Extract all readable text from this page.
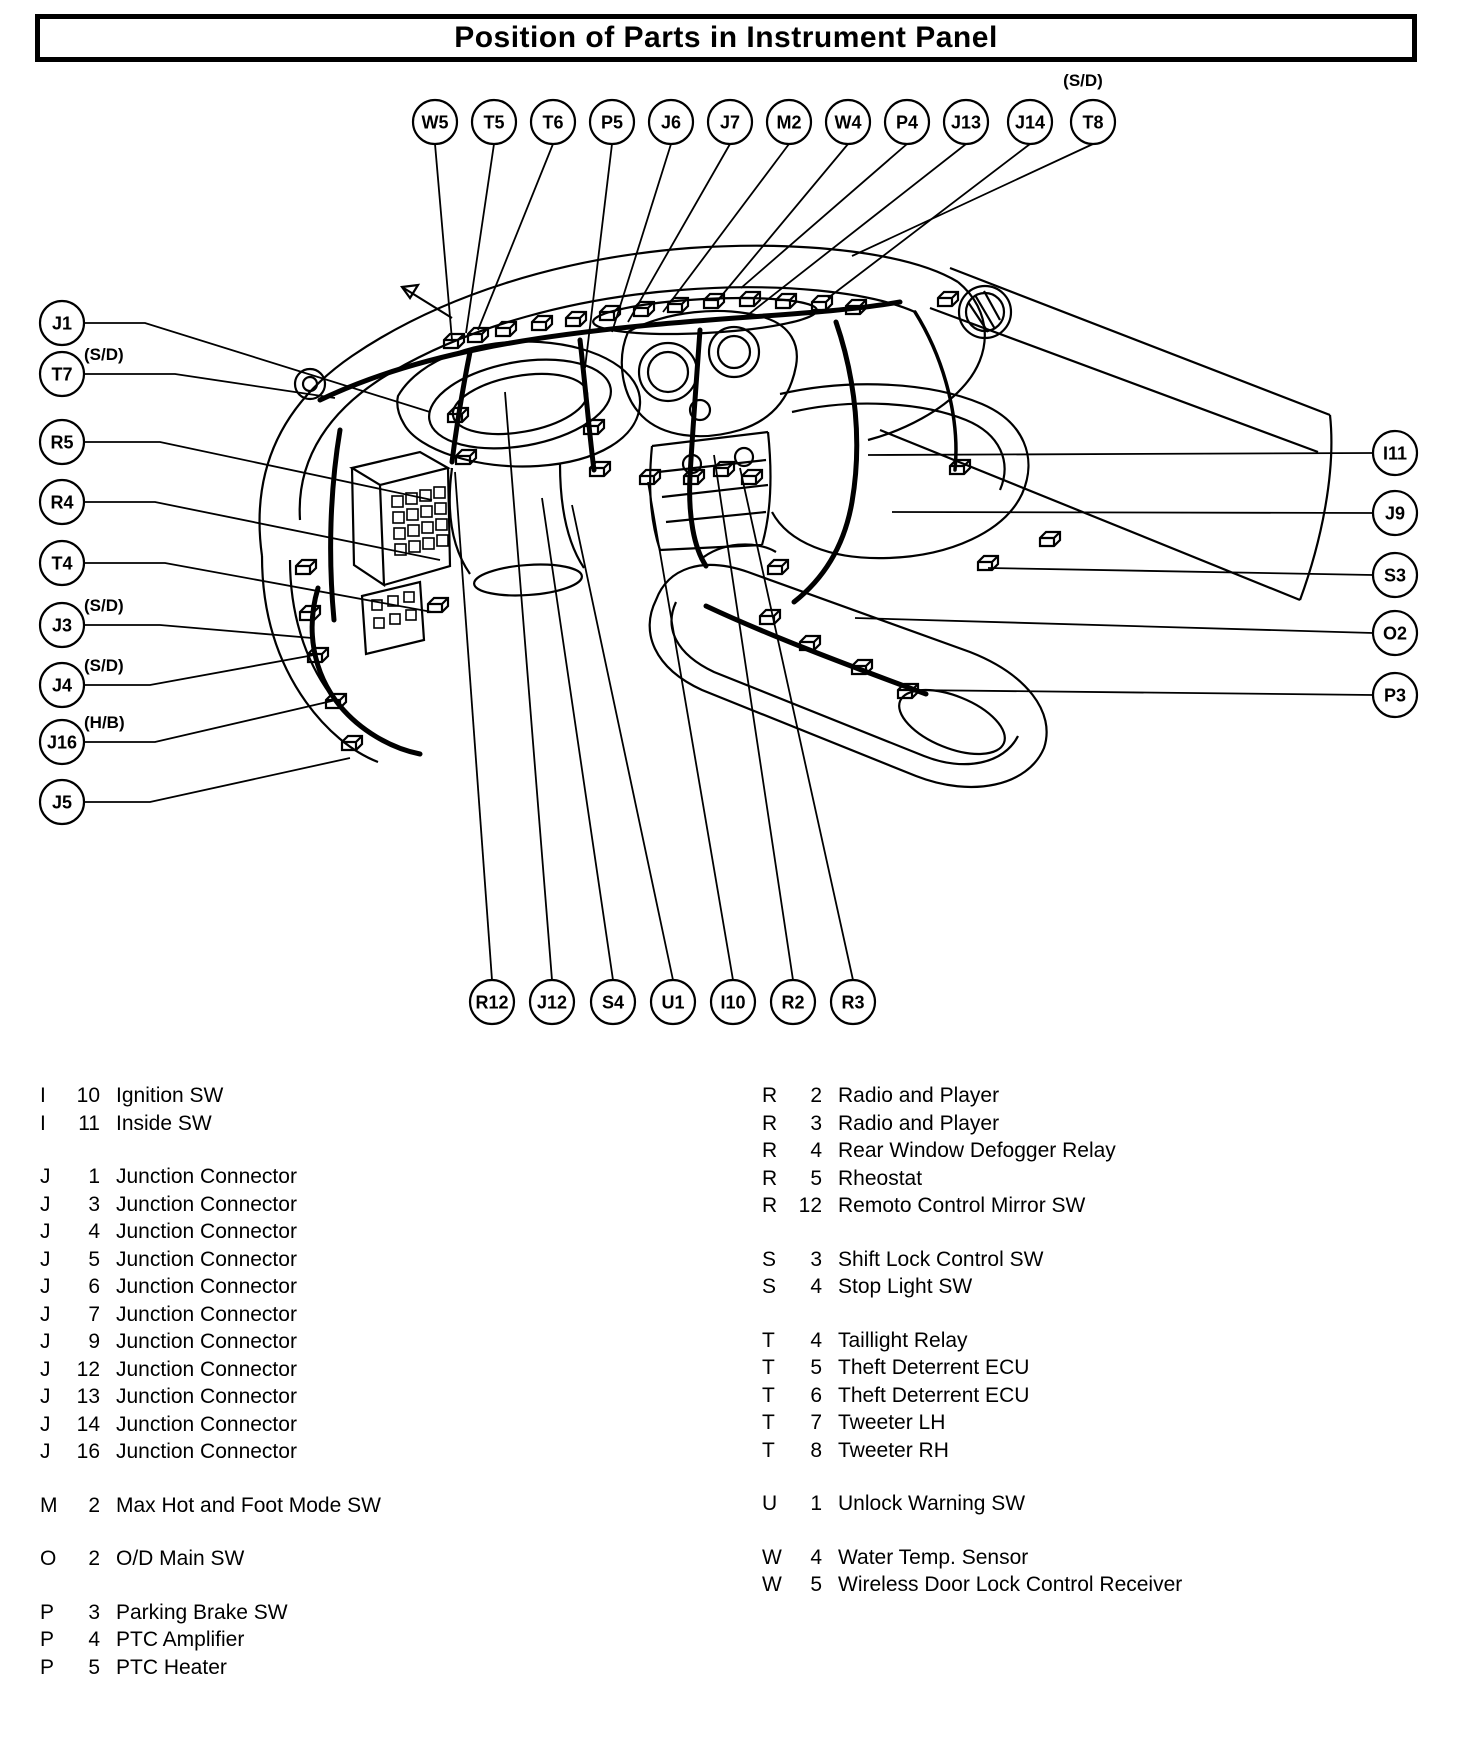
Position of Parts in Instrument Panel
W5 T5 T6 P5 J6 J7 M2 W4 P4 J13 J14 T8
(S/D)
J1
T7
(S/D)
R5
R4
T4
J3
(S/D)
J4
(S/D)
J16
(H/B)
J5
I11
J9
S3
O2
P3
R12 J12 S4 U1 I10 R2 R3
I	10 Ignition SW
I	11 Inside SW
J	1 Junction Connector
J	3 Junction Connector
J	4 Junction Connector
J	5 Junction Connector
J	6 Junction Connector
J	7 Junction Connector
J	9 Junction Connector
J	12 Junction Connector
J	13 Junction Connector
J	14 Junction Connector
J	16 Junction Connector
M	2 Max Hot and Foot Mode SW
O	2 O/D Main SW
P	3 Parking Brake SW
P	4 PTC Amplifier
P	5 PTC Heater
R	2 Radio and Player
R	3 Radio and Player
R	4 Rear Window Defogger Relay
R	5 Rheostat
R	12 Remoto Control Mirror SW
S	3 Shift Lock Control SW
S	4 Stop Light SW
T	4 Taillight Relay
T	5 Theft Deterrent ECU
T	6 Theft Deterrent ECU
T	7 Tweeter LH
T	8 Tweeter RH
U	1 Unlock Warning SW
W	4 Water Temp. Sensor
W	5 Wireless Door Lock Control Receiver
